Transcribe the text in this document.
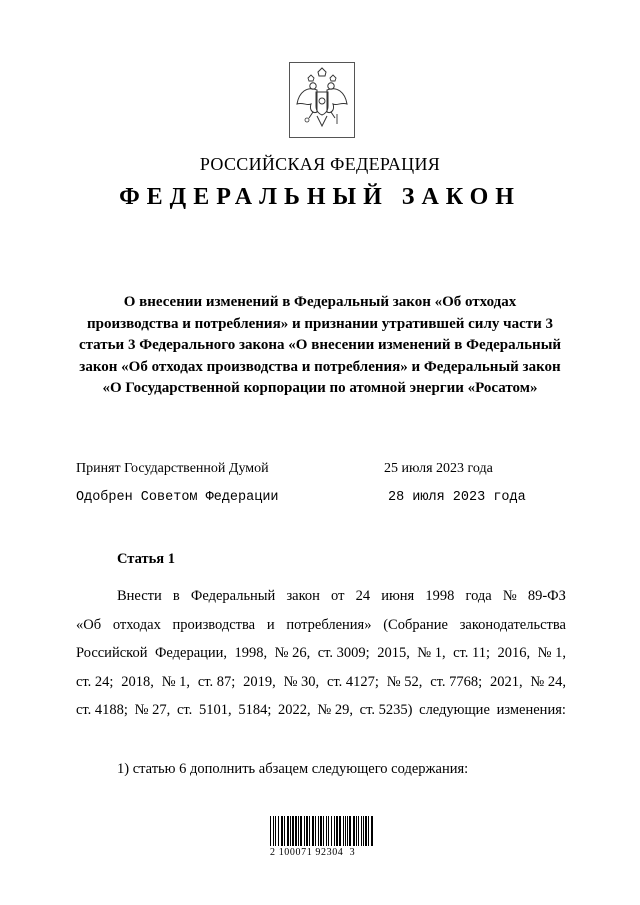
РОССИЙСКАЯ ФЕДЕРАЦИЯ
ФЕДЕРАЛЬНЫЙ ЗАКОН
О внесении изменений в Федеральный закон «Об отходах
производства и потребления» и признании утратившей силу части 3
статьи 3 Федерального закона «О внесении изменений в Федеральный
закон «Об отходах производства и потребления» и Федеральный закон
«О Государственной корпорации по атомной энергии «Росатом»
Принят Государственной Думой	25 июля 2023 года
Одобрен Советом Федерации	28 июля 2023 года
Статья 1
Внести в Федеральный закон от 24 июня 1998 года № 89-ФЗ
«Об отходах производства и потребления» (Собрание законодательства
Российской Федерации, 1998, № 26, ст. 3009; 2015, № 1, ст. 11; 2016, № 1,
ст. 24; 2018, № 1, ст. 87; 2019, № 30, ст. 4127; № 52, ст. 7768; 2021, № 24,
ст. 4188; № 27, ст. 5101, 5184; 2022, № 29, ст. 5235) следующие изменения:
1) статью 6 дополнить абзацем следующего содержания:
2 100071 92304  3
